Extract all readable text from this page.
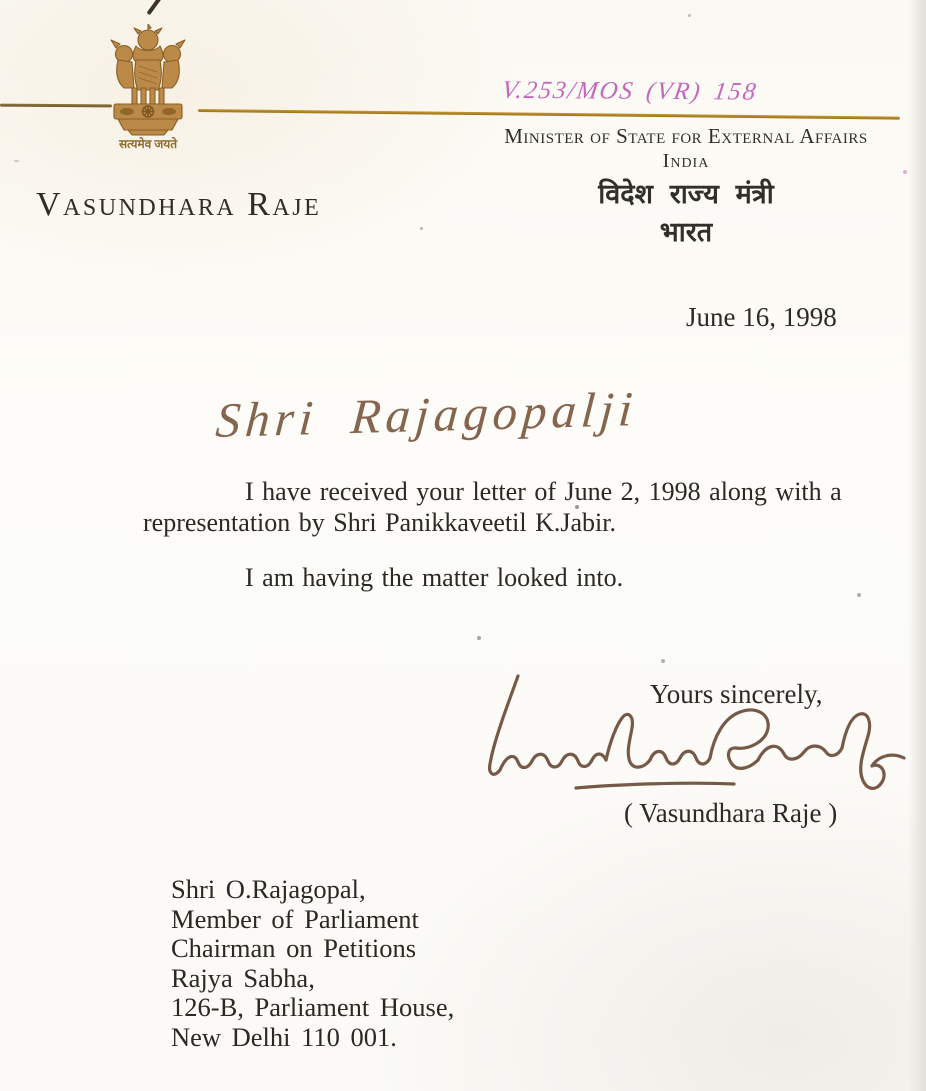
सत्यमेव जयते
V.253/MOS (VR) 158
Minister of State for External Affairs
India
विदेश राज्य मंत्री
भारत
Vasundhara Raje
June 16, 1998
Shri Rajagopalji
I have received your letter of June 2, 1998 along with a
representation by Shri Panikkaveetil K.Jabir.
I am having the matter looked into.
Yours sincerely,
( Vasundhara Raje )
Shri O.Rajagopal,
Member of Parliament
Chairman on Petitions
Rajya Sabha,
126-B, Parliament House,
New Delhi 110 001.
